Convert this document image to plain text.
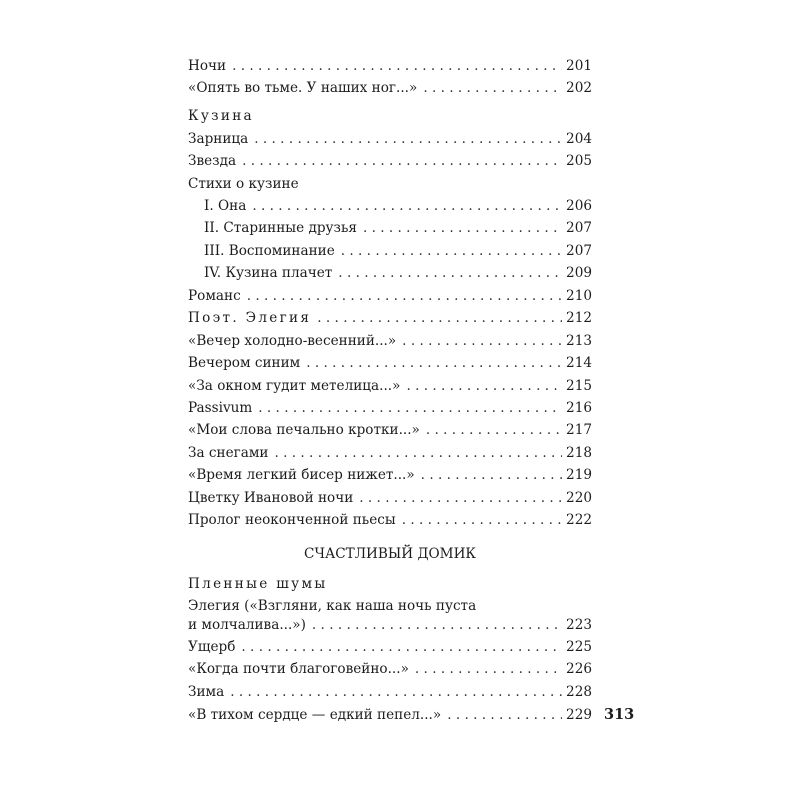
Ночи . . .	201
«Опять во тьме. У наших ног...» . . .	202
Кузина
Зарница . . .	204
Звезда . . .	205
Стихи о кузине
I. Она . . .	206
II. Старинные друзья . . .	207
III. Воспоминание . . .	207
IV. Кузина плачет . . .	209
Романс . . .	210
Поэт. Элегия . . .	212
«Вечер холодно-весенний...» . . .	213
Вечером синим . . .	214
«За окном гудит метелица...» . . .	215
Passivum . . .	216
«Мои слова печально кротки...» . . .	217
За снегами . . .	218
«Время легкий бисер нижет...» . . .	219
Цветку Ивановой ночи . . .	220
Пролог неоконченной пьесы . . .	222
СЧАСТЛИВЫЙ ДОМИК
Пленные шумы
Элегия («Взгляни, как наша ночь пуста
и молчалива...») . . .	223
Ущерб . . .	225
«Когда почти благоговейно...» . . .	226
Зима . . .	228
«В тихом сердце — едкий пепел...» . . .	229 313
